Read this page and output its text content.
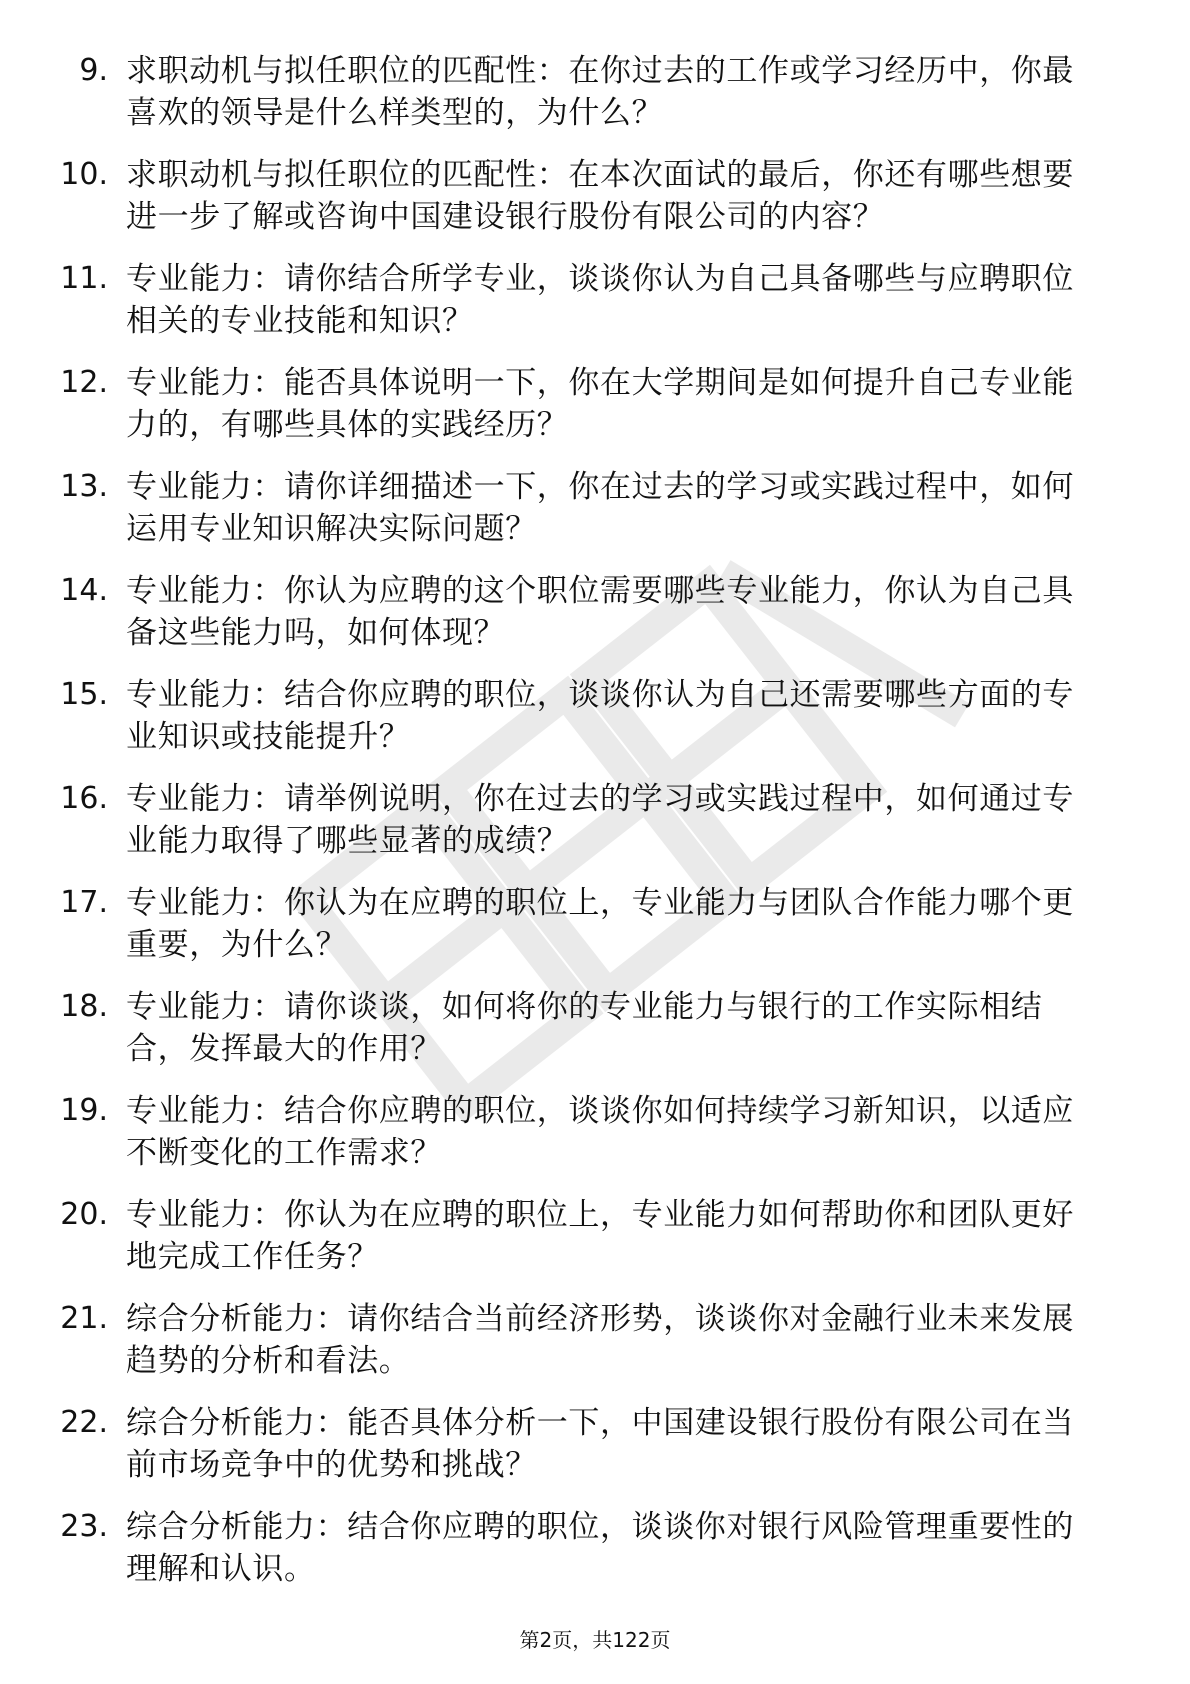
9. 求职动机与拟任职位的匹配性：在你过去的工作或学习经历中，你最喜欢的领导是什么样类型的，为什么？
10. 求职动机与拟任职位的匹配性：在本次面试的最后，你还有哪些想要进一步了解或咨询中国建设银行股份有限公司的内容？
11. 专业能力：请你结合所学专业，谈谈你认为自己具备哪些与应聘职位相关的专业技能和知识？
12. 专业能力：能否具体说明一下，你在大学期间是如何提升自己专业能力的，有哪些具体的实践经历？
13. 专业能力：请你详细描述一下，你在过去的学习或实践过程中，如何运用专业知识解决实际问题？
14. 专业能力：你认为应聘的这个职位需要哪些专业能力，你认为自己具备这些能力吗，如何体现？
15. 专业能力：结合你应聘的职位，谈谈你认为自己还需要哪些方面的专业知识或技能提升？
16. 专业能力：请举例说明，你在过去的学习或实践过程中，如何通过专业能力取得了哪些显著的成绩？
17. 专业能力：你认为在应聘的职位上，专业能力与团队合作能力哪个更重要，为什么？
18. 专业能力：请你谈谈，如何将你的专业能力与银行的工作实际相结合，发挥最大的作用？
19. 专业能力：结合你应聘的职位，谈谈你如何持续学习新知识，以适应不断变化的工作需求？
20. 专业能力：你认为在应聘的职位上，专业能力如何帮助你和团队更好地完成工作任务？
21. 综合分析能力：请你结合当前经济形势，谈谈你对金融行业未来发展趋势的分析和看法。
22. 综合分析能力：能否具体分析一下，中国建设银行股份有限公司在当前市场竞争中的优势和挑战？
23. 综合分析能力：结合你应聘的职位，谈谈你对银行风险管理重要性的理解和认识。
第2页，共122页
